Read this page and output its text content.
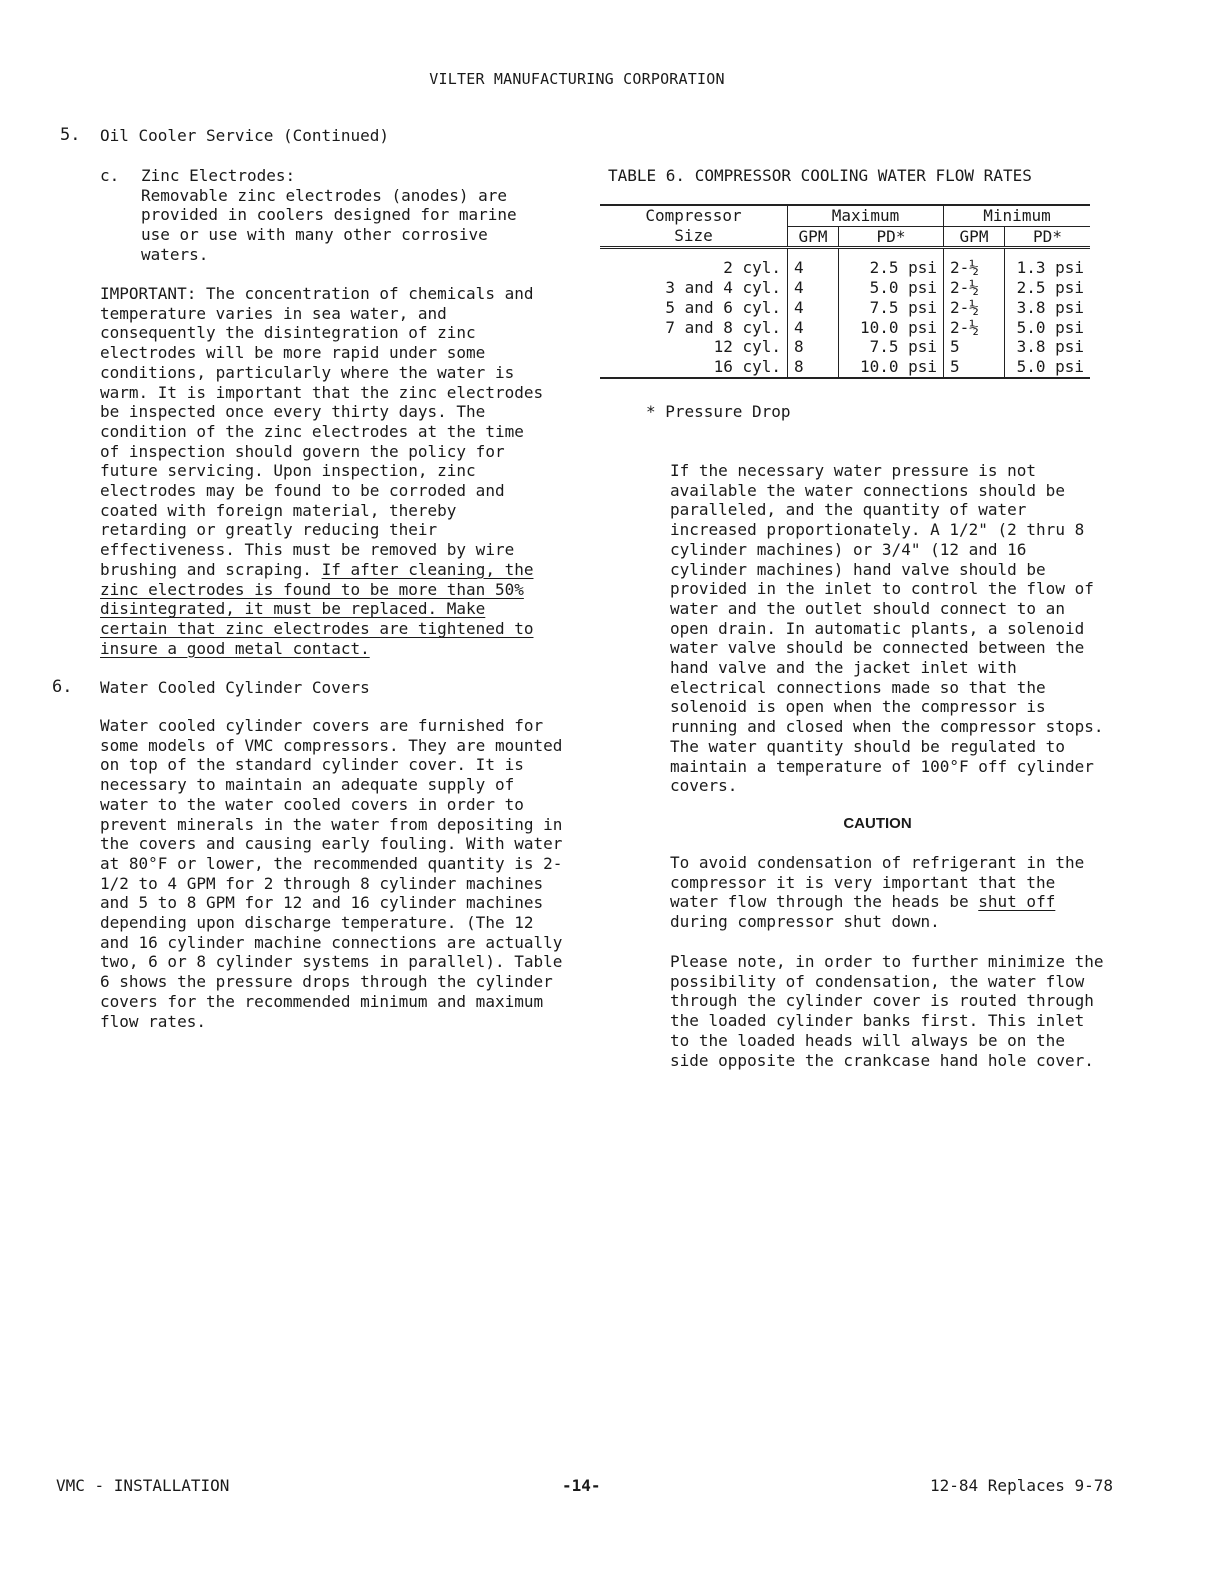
VILTER MANUFACTURING CORPORATION
5. Oil Cooler Service (Continued)
c. Zinc Electrodes:

Removable zinc electrodes (anodes) are provided in coolers designed for marine use or use with many other corrosive waters.

IMPORTANT: The concentration of chemicals and temperature varies in sea water, and consequently the disintegration of zinc electrodes will be more rapid under some conditions, particularly where the water is warm. It is important that the zinc electrodes be inspected once every thirty days. The condition of the zinc electrodes at the time of inspection should govern the policy for future servicing. Upon inspection, zinc electrodes may be found to be corroded and coated with foreign material, thereby retarding or greatly reducing their effectiveness. This must be removed by wire brushing and scraping. If after cleaning, the zinc electrodes is found to be more than 50% disintegrated, it must be replaced. Make certain that zinc electrodes are tightened to insure a good metal contact.

6. Water Cooled Cylinder Covers
Water cooled cylinder covers are furnished for some models of VMC compressors. They are mounted on top of the standard cylinder cover. It is necessary to maintain an adequate supply of water to the water cooled covers in order to prevent minerals in the water from depositing in the covers and causing early fouling. With water at 80°F or lower, the recommended quantity is 2-1/2 to 4 GPM for 2 through 8 cylinder machines and 5 to 8 GPM for 12 and 16 cylinder machines depending upon discharge temperature. (The 12 and 16 cylinder machine connections are actually two, 6 or 8 cylinder systems in parallel). Table 6 shows the pressure drops through the cylinder covers for the recommended minimum and maximum flow rates.
TABLE 6. COMPRESSOR COOLING WATER FLOW RATES
Compressor	Maximum		Minimum	
Size	GPM	PD*	GPM	PD*
2 cyl.	4	2.5 psi	2-½	1.3 psi
3 and 4 cyl.	4	5.0 psi	2-½	2.5 psi
5 and 6 cyl.	4	7.5 psi	2-½	3.8 psi
7 and 8 cyl.	4	10.0 psi	2-½	5.0 psi
12 cyl.	8	7.5 psi	5	3.8 psi
16 cyl.	8	10.0 psi	5	5.0 psi
* Pressure Drop
If the necessary water pressure is not available the water connections should be paralleled, and the quantity of water increased proportionately. A 1/2" (2 thru 8 cylinder machines) or 3/4" (12 and 16 cylinder machines) hand valve should be provided in the inlet to control the flow of water and the outlet should connect to an open drain. In automatic plants, a solenoid water valve should be connected between the hand valve and the jacket inlet with electrical connections made so that the solenoid is open when the compressor is running and closed when the compressor stops. The water quantity should be regulated to maintain a temperature of 100°F off cylinder covers.
CAUTION
To avoid condensation of refrigerant in the compressor it is very important that the water flow through the heads be shut off during compressor shut down.
Please note, in order to further minimize the possibility of condensation, the water flow through the cylinder cover is routed through the loaded cylinder banks first. This inlet to the loaded heads will always be on the side opposite the crankcase hand hole cover.
VMC - INSTALLATION	-14-	12-84 Replaces 9-78
